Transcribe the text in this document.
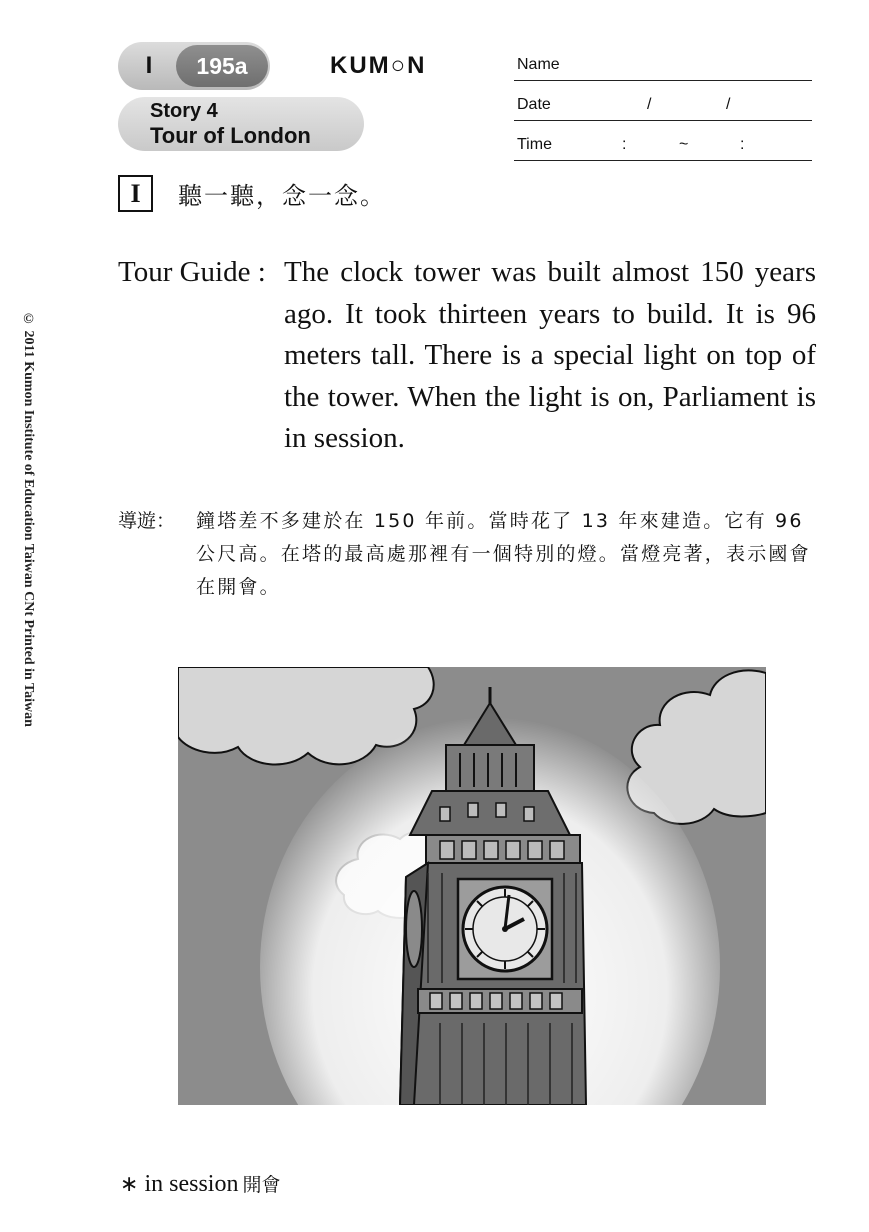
I	195a	KUM○N
Story 4
Tour of London
Name
Date	/	/
Time	:	~	:
I	聽一聽，念一念。
Tour Guide : The clock tower was built almost 150 years ago. It took thirteen years to build. It is 96 meters tall. There is a special light on top of the tower. When the light is on, Parliament is in session.
導遊： 鐘塔差不多建於在 150 年前。當時花了 13 年來建造。它有 96 公尺高。在塔的最高處那裡有一個特別的燈。當燈亮著，表示國會在開會。
© 2011 Kumon Institute of Education Taiwan CNt Printed in Taiwan
∗ in session 開會
